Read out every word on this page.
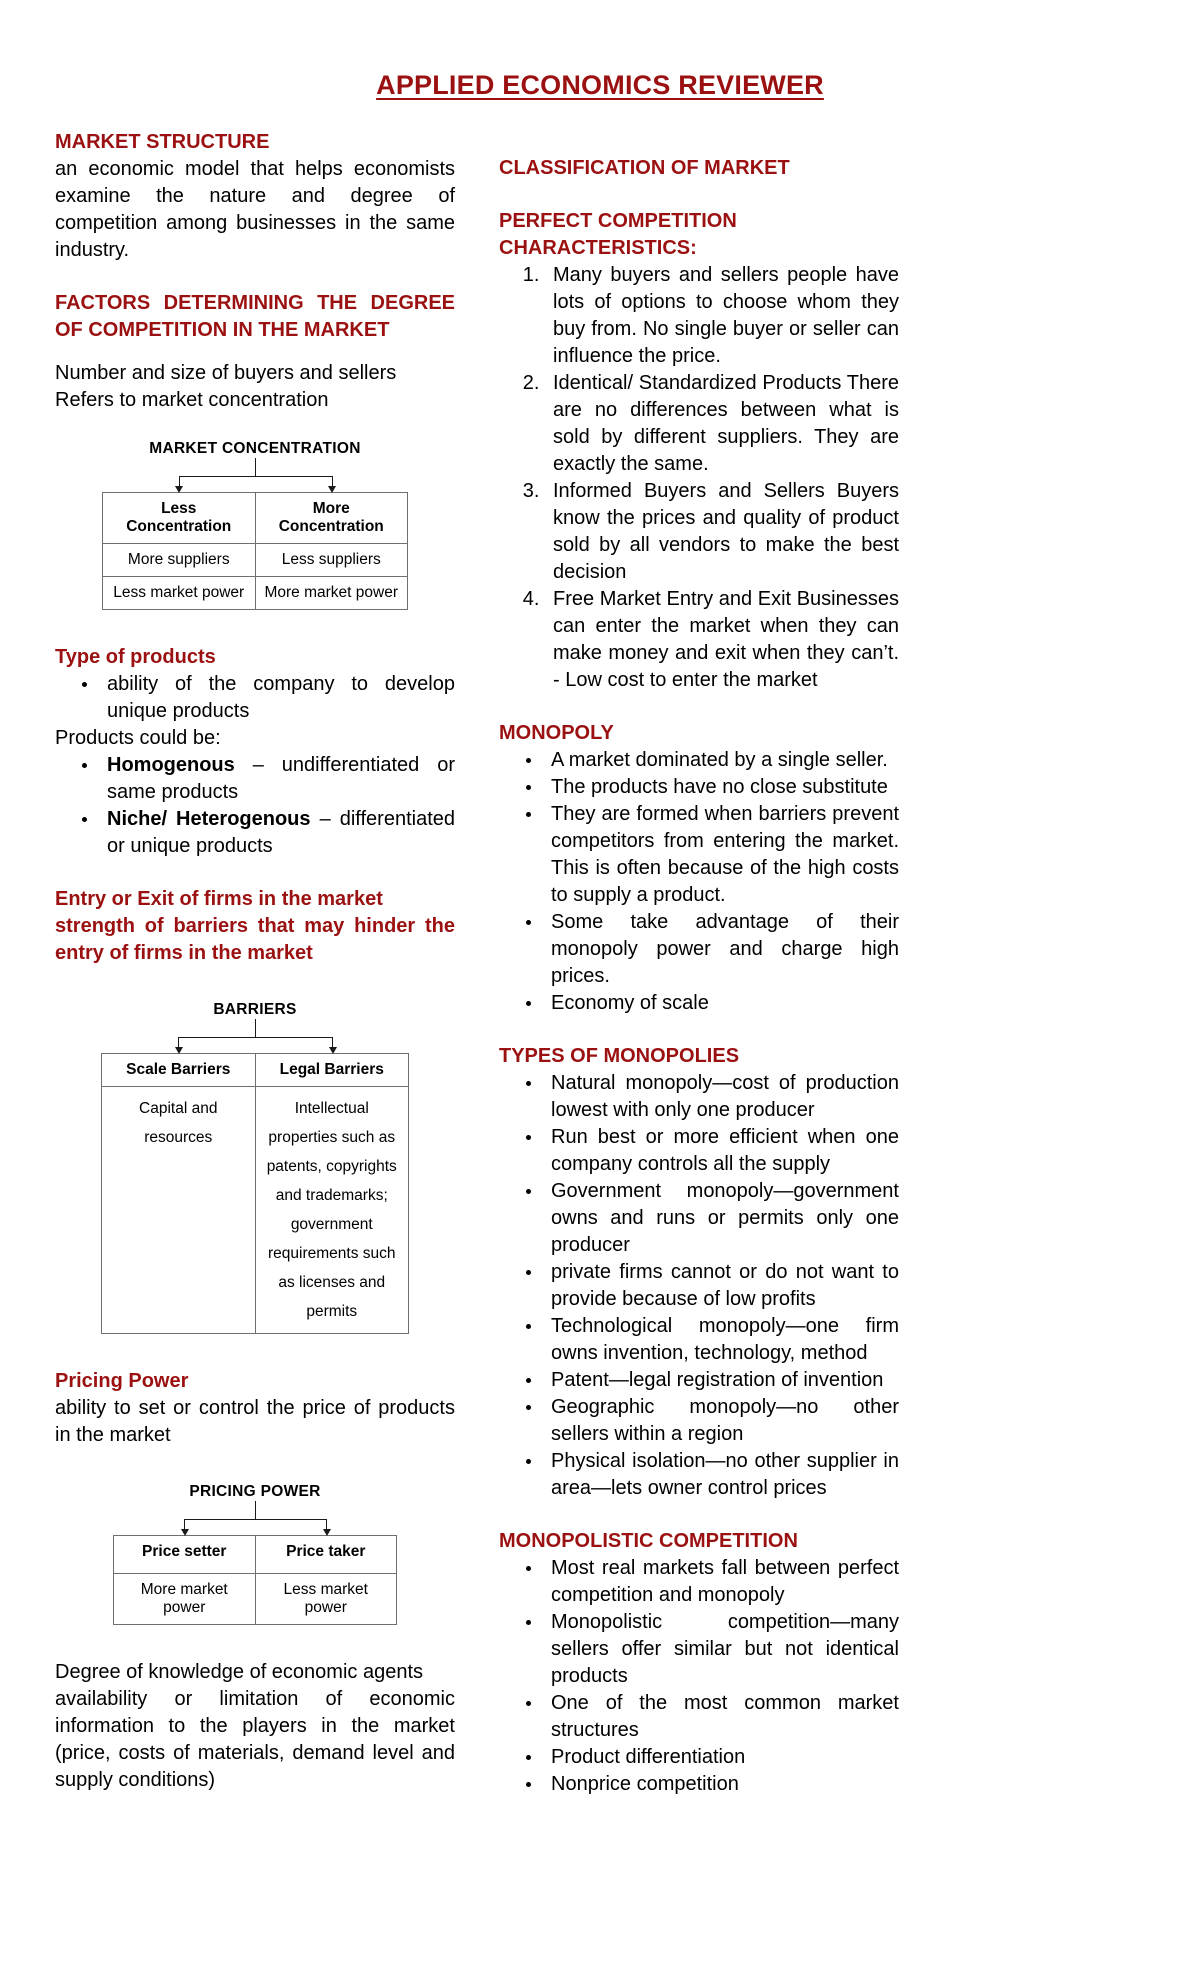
APPLIED ECONOMICS REVIEWER
MARKET STRUCTURE

an economic model that helps economists examine the nature and degree of competition among businesses in the same industry.

FACTORS DETERMINING THE DEGREE OF COMPETITION IN THE MARKET

Number and size of buyers and sellers

Refers to market concentration

MARKET CONCENTRATION
Less Concentration	More Concentration
More suppliers	Less suppliers
Less market power	More market power
Type of products
• ability of the company to develop unique products

Products could be:

• Homogenous – undifferentiated or same products
• Niche/ Heterogenous – differentiated or unique products
Entry or Exit of firms in the market
strength of barriers that may hinder the entry of firms in the market
BARRIERS
Scale Barriers	Legal Barriers
Capital and resources	Intellectual properties such as patents, copyrights and trademarks; government requirements such as licenses and permits
Pricing Power

ability to set or control the price of products in the market

PRICING POWER
Price setter	Price taker
More market power	Less market power

Degree of knowledge of economic agents

availability or limitation of economic information to the players in the market (price, costs of materials, demand level and supply conditions)

CLASSIFICATION OF MARKET
PERFECT COMPETITION
CHARACTERISTICS:
1. Many buyers and sellers people have lots of options to choose whom they buy from. No single buyer or seller can influence the price.
2. Identical/ Standardized Products There are no differences between what is sold by different suppliers. They are exactly the same.
3. Informed Buyers and Sellers Buyers know the prices and quality of product sold by all vendors to make the best decision
4. Free Market Entry and Exit Businesses can enter the market when they can make money and exit when they can’t. - Low cost to enter the market
MONOPOLY
• A market dominated by a single seller.
• The products have no close substitute
• They are formed when barriers prevent competitors from entering the market. This is often because of the high costs to supply a product.
• Some take advantage of their monopoly power and charge high prices.
• Economy of scale
TYPES OF MONOPOLIES
• Natural monopoly—cost of production lowest with only one producer
• Run best or more efficient when one company controls all the supply
• Government monopoly—government owns and runs or permits only one producer
• private firms cannot or do not want to provide because of low profits
• Technological monopoly—one firm owns invention, technology, method
• Patent—legal registration of invention
• Geographic monopoly—no other sellers within a region
• Physical isolation—no other supplier in area—lets owner control prices
MONOPOLISTIC COMPETITION
• Most real markets fall between perfect competition and monopoly
• Monopolistic competition—many sellers offer similar but not identical products
• One of the most common market structures
• Product differentiation
• Nonprice competition
